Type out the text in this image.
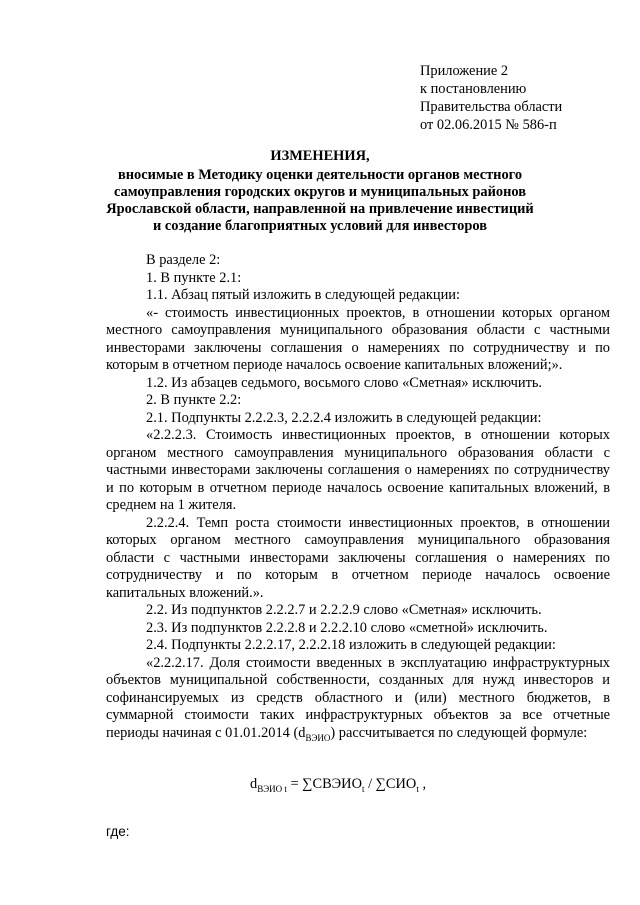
Приложение 2
к постановлению
Правительства области
от 02.06.2015 № 586-п
ИЗМЕНЕНИЯ,
вносимые в Методику оценки деятельности органов местного самоуправления городских округов и муниципальных районов Ярославской области, направленной на привлечение инвестиций и создание благоприятных условий для инвесторов

В разделе 2:

1. В пункте 2.1:

1.1. Абзац пятый изложить в следующей редакции:

«- стоимость инвестиционных проектов, в отношении которых органом местного самоуправления муниципального образования области с частными инвесторами заключены соглашения о намерениях по сотрудничеству и по которым в отчетном периоде началось освоение капитальных вложений;».

1.2. Из абзацев седьмого, восьмого слово «Сметная» исключить.

2. В пункте 2.2:

2.1. Подпункты 2.2.2.3, 2.2.2.4 изложить в следующей редакции:

«2.2.2.3. Стоимость инвестиционных проектов, в отношении которых органом местного самоуправления муниципального образования области с частными инвесторами заключены соглашения о намерениях по сотрудничеству и по которым в отчетном периоде началось освоение капитальных вложений, в среднем на 1 жителя.

2.2.2.4. Темп роста стоимости инвестиционных проектов, в отношении которых органом местного самоуправления муниципального образования области с частными инвесторами заключены соглашения о намерениях по сотрудничеству и по которым в отчетном периоде началось освоение капитальных вложений.».

2.2. Из подпунктов 2.2.2.7 и 2.2.2.9 слово «Сметная» исключить.

2.3. Из подпунктов 2.2.2.8 и 2.2.2.10 слово «сметной» исключить.

2.4. Подпункты 2.2.2.17, 2.2.2.18 изложить в следующей редакции:

«2.2.2.17. Доля стоимости введенных в эксплуатацию инфраструктурных объектов муниципальной собственности, созданных для нужд инвесторов и софинансируемых из средств областного и (или) местного бюджетов, в суммарной стоимости таких инфраструктурных объектов за все отчетные периоды начиная с 01.01.2014 $(d_{ВЭИО})$ рассчитывается по следующей формуле:

$d_{ВЭИО t}$ = $\sum СВЭИО_t / \sum СИО_t$ ,
где:
